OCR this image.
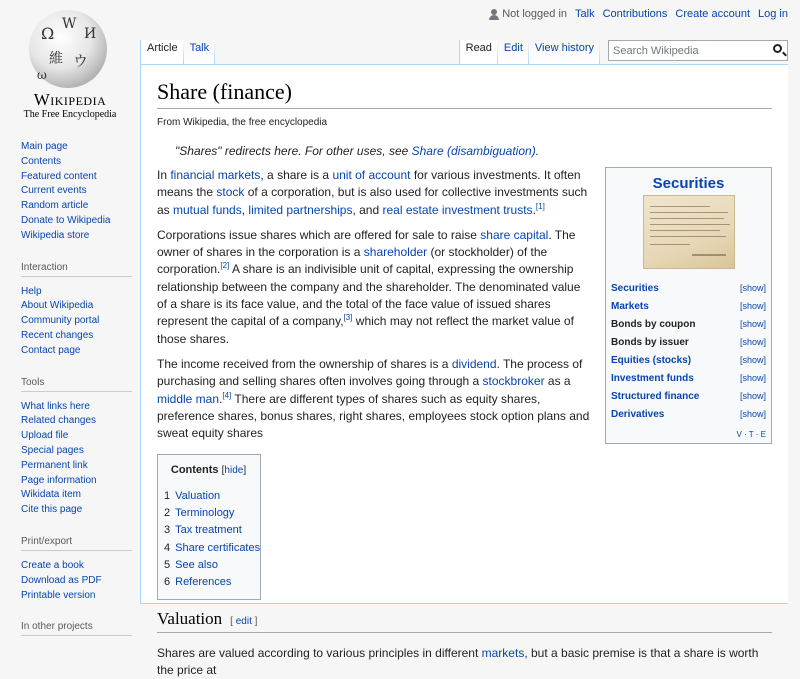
Not logged in Talk Contributions Create account Log in
Ω W
И
維 ウ
ω
Wikipedia
The Free Encyclopedia
Article Talk	Read Edit View history
Search Wikipedia
Main page
Contents
Featured content
Current events
Random article
Donate to Wikipedia
Wikipedia store
Interaction
Help
About Wikipedia
Community portal
Recent changes
Contact page
Tools
What links here
Related changes
Upload file
Special pages
Permanent link
Page information
Wikidata item
Cite this page
Print/export
Create a book
Download as PDF
Printable version
In other projects
Share (finance)
From Wikipedia, the free encyclopedia
"Shares" redirects here. For other uses, see Share (disambiguation).
Securities
Securities	[show]
Markets	[show]
Bonds by coupon	[show]
Bonds by issuer	[show]
Equities (stocks)	[show]
Investment funds	[show]
Structured finance	[show]
Derivatives	[show]
V · T · E

In financial markets, a share is a unit of account for various investments. It often means the stock of a corporation, but is also used for collective investments such as mutual funds, limited partnerships, and real estate investment trusts.[1]

Corporations issue shares which are offered for sale to raise share capital. The owner of shares in the corporation is a shareholder (or stockholder) of the corporation.[2] A share is an indivisible unit of capital, expressing the ownership relationship between the company and the shareholder. The denominated value of a share is its face value, and the total of the face value of issued shares represent the capital of a company,[3] which may not reflect the market value of those shares.

The income received from the ownership of shares is a dividend. The process of purchasing and selling shares often involves going through a stockbroker as a middle man.[4] There are different types of shares such as equity shares, preference shares, bonus shares, right shares, employees stock option plans and sweat equity shares

Contents [hide]
1 Valuation
2 Terminology
3 Tax treatment
4 Share certificates
5 See also
6 References
Valuation [ edit ]

Shares are valued according to various principles in different markets, but a basic premise is that a share is worth the price at
